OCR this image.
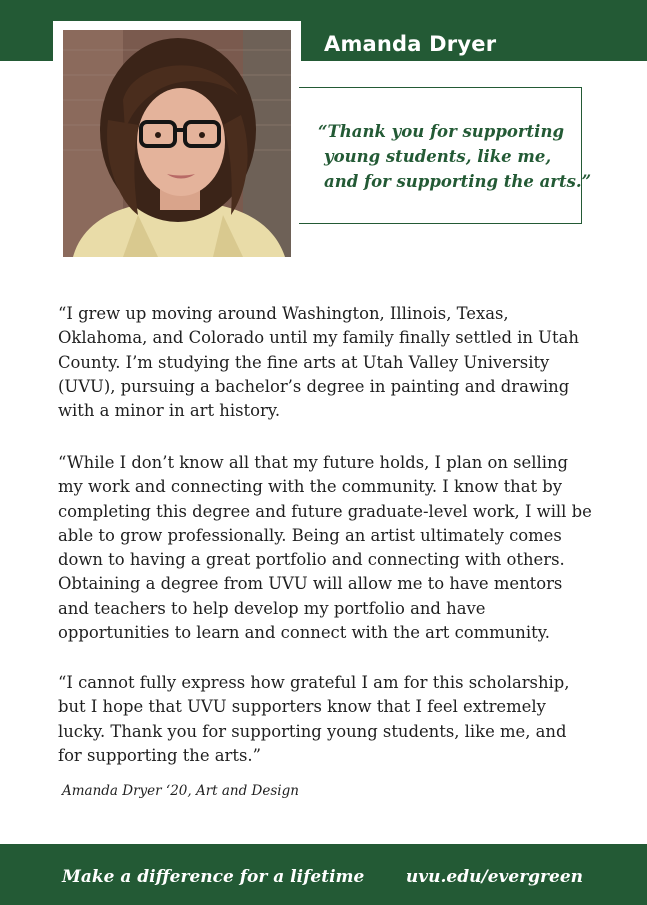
Amanda Dryer
“Thank you for supporting
young students, like me,
and for supporting the arts.”
“I grew up moving around Washington, Illinois, Texas, Oklahoma, and Colorado until my family finally settled in Utah County. I’m studying the fine arts at Utah Valley University (UVU), pursuing a bachelor’s degree in painting and drawing with a minor in art history.
“While I don’t know all that my future holds, I plan on selling my work and connecting with the community. I know that by completing this degree and future graduate-level work, I will be able to grow professionally. Being an artist ultimately comes down to having a great portfolio and connecting with others. Obtaining a degree from UVU will allow me to have mentors and teachers to help develop my portfolio and have opportunities to learn and connect with the art community.
“I cannot fully express how grateful I am for this scholarship, but I hope that UVU supporters know that I feel extremely lucky. Thank you for supporting young students, like me, and for supporting the arts.”
Amanda Dryer ‘20, Art and Design
Make a difference for a lifetime uvu.edu/evergreen
